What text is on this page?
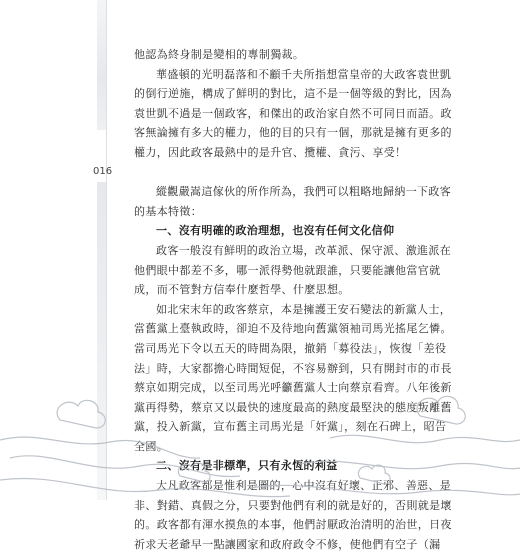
016
他認為終身制是變相的專制獨裁。
華盛頓的光明磊落和不顧千夫所指想當皇帝的大政客袁世凱
的倒行逆施，構成了鮮明的對比，這不是一個等級的對比，因為
袁世凱不過是一個政客，和傑出的政治家自然不可同日而語。政
客無論擁有多大的權力，他的目的只有一個，那就是擁有更多的
權力，因此政客最熱中的是升官、攬權、貪污、享受！
縱觀嚴嵩這傢伙的所作所為，我們可以粗略地歸納一下政客
的基本特徵：
一、沒有明確的政治理想，也沒有任何文化信仰
政客一般沒有鮮明的政治立場，改革派、保守派、激進派在
他們眼中都差不多，哪一派得勢他就跟誰，只要能讓他當官就
成，而不管對方信奉什麼哲學、什麼思想。
如北宋末年的政客蔡京，本是擁護王安石變法的新黨人士，
當舊黨上臺執政時，卻迫不及待地向舊黨領袖司馬光搖尾乞憐。
當司馬光下令以五天的時間為限，撤銷「募役法」，恢復「差役
法」時，大家都擔心時間短促，不容易辦到，只有開封市的市長
蔡京如期完成，以至司馬光呼籲舊黨人士向蔡京看齊。八年後新
黨再得勢，蔡京又以最快的速度最高的熱度最堅決的態度叛離舊
黨，投入新黨，宣布舊主司馬光是「奸黨」，刻在石碑上，昭告
全國。
二、沒有是非標準，只有永恆的利益
大凡政客都是惟利是圖的，心中沒有好壞、正邪、善惡、是
非、對錯、真假之分，只要對他們有利的就是好的，否則就是壞
的。政客都有渾水摸魚的本事，他們討厭政治清明的治世，日夜
祈求天老爺早一點讓國家和政府政令不修，使他們有空子（漏
